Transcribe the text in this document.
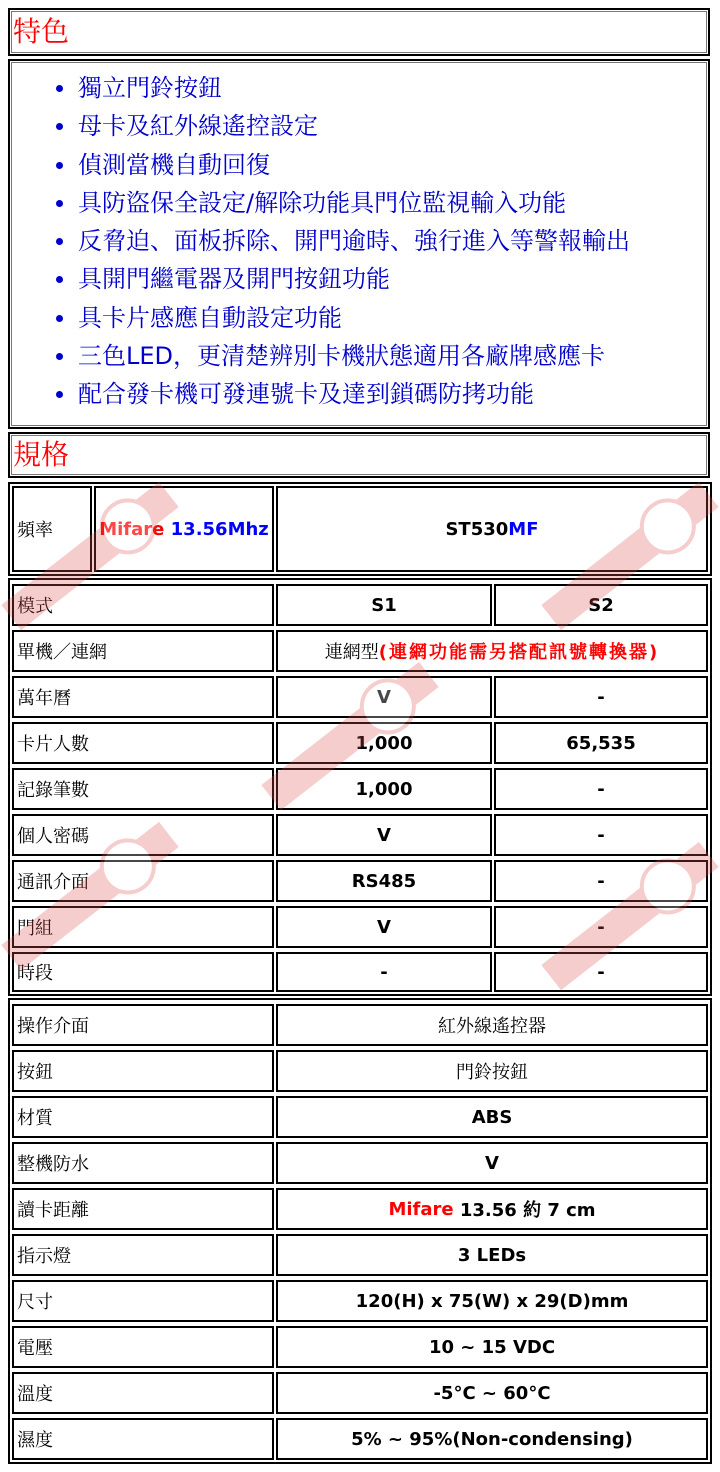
特色
獨立門鈴按鈕
母卡及紅外線遙控設定
偵測當機自動回復
具防盜保全設定/解除功能具門位監視輸入功能
反脅迫、面板拆除、開門逾時、強行進入等警報輸出
具開門繼電器及開門按鈕功能
具卡片感應自動設定功能
三色LED，更清楚辨別卡機狀態適用各廠牌感應卡
配合發卡機可發連號卡及達到鎖碼防拷功能
規格
頻率	Mifare 13.56Mhz	ST530 MF
模式	S1	S2
單機／連網	連網型 (連網功能需另搭配訊號轉換器)
萬年曆	V	-
卡片人數	1,000	65,535
記錄筆數	1,000	-
個人密碼	V	-
通訊介面	RS485	-
門組	V	-
時段	-	-
操作介面	紅外線遙控器
按鈕	門鈴按鈕
材質	ABS
整機防水	V
讀卡距離	Mifare 13.56 約 7 cm
指示燈	3 LEDs
尺寸	120(H) x 75(W) x 29(D)mm
電壓	10 ~ 15 VDC
溫度	-5°C ~ 60°C
濕度	5% ~ 95%(Non-condensing)
